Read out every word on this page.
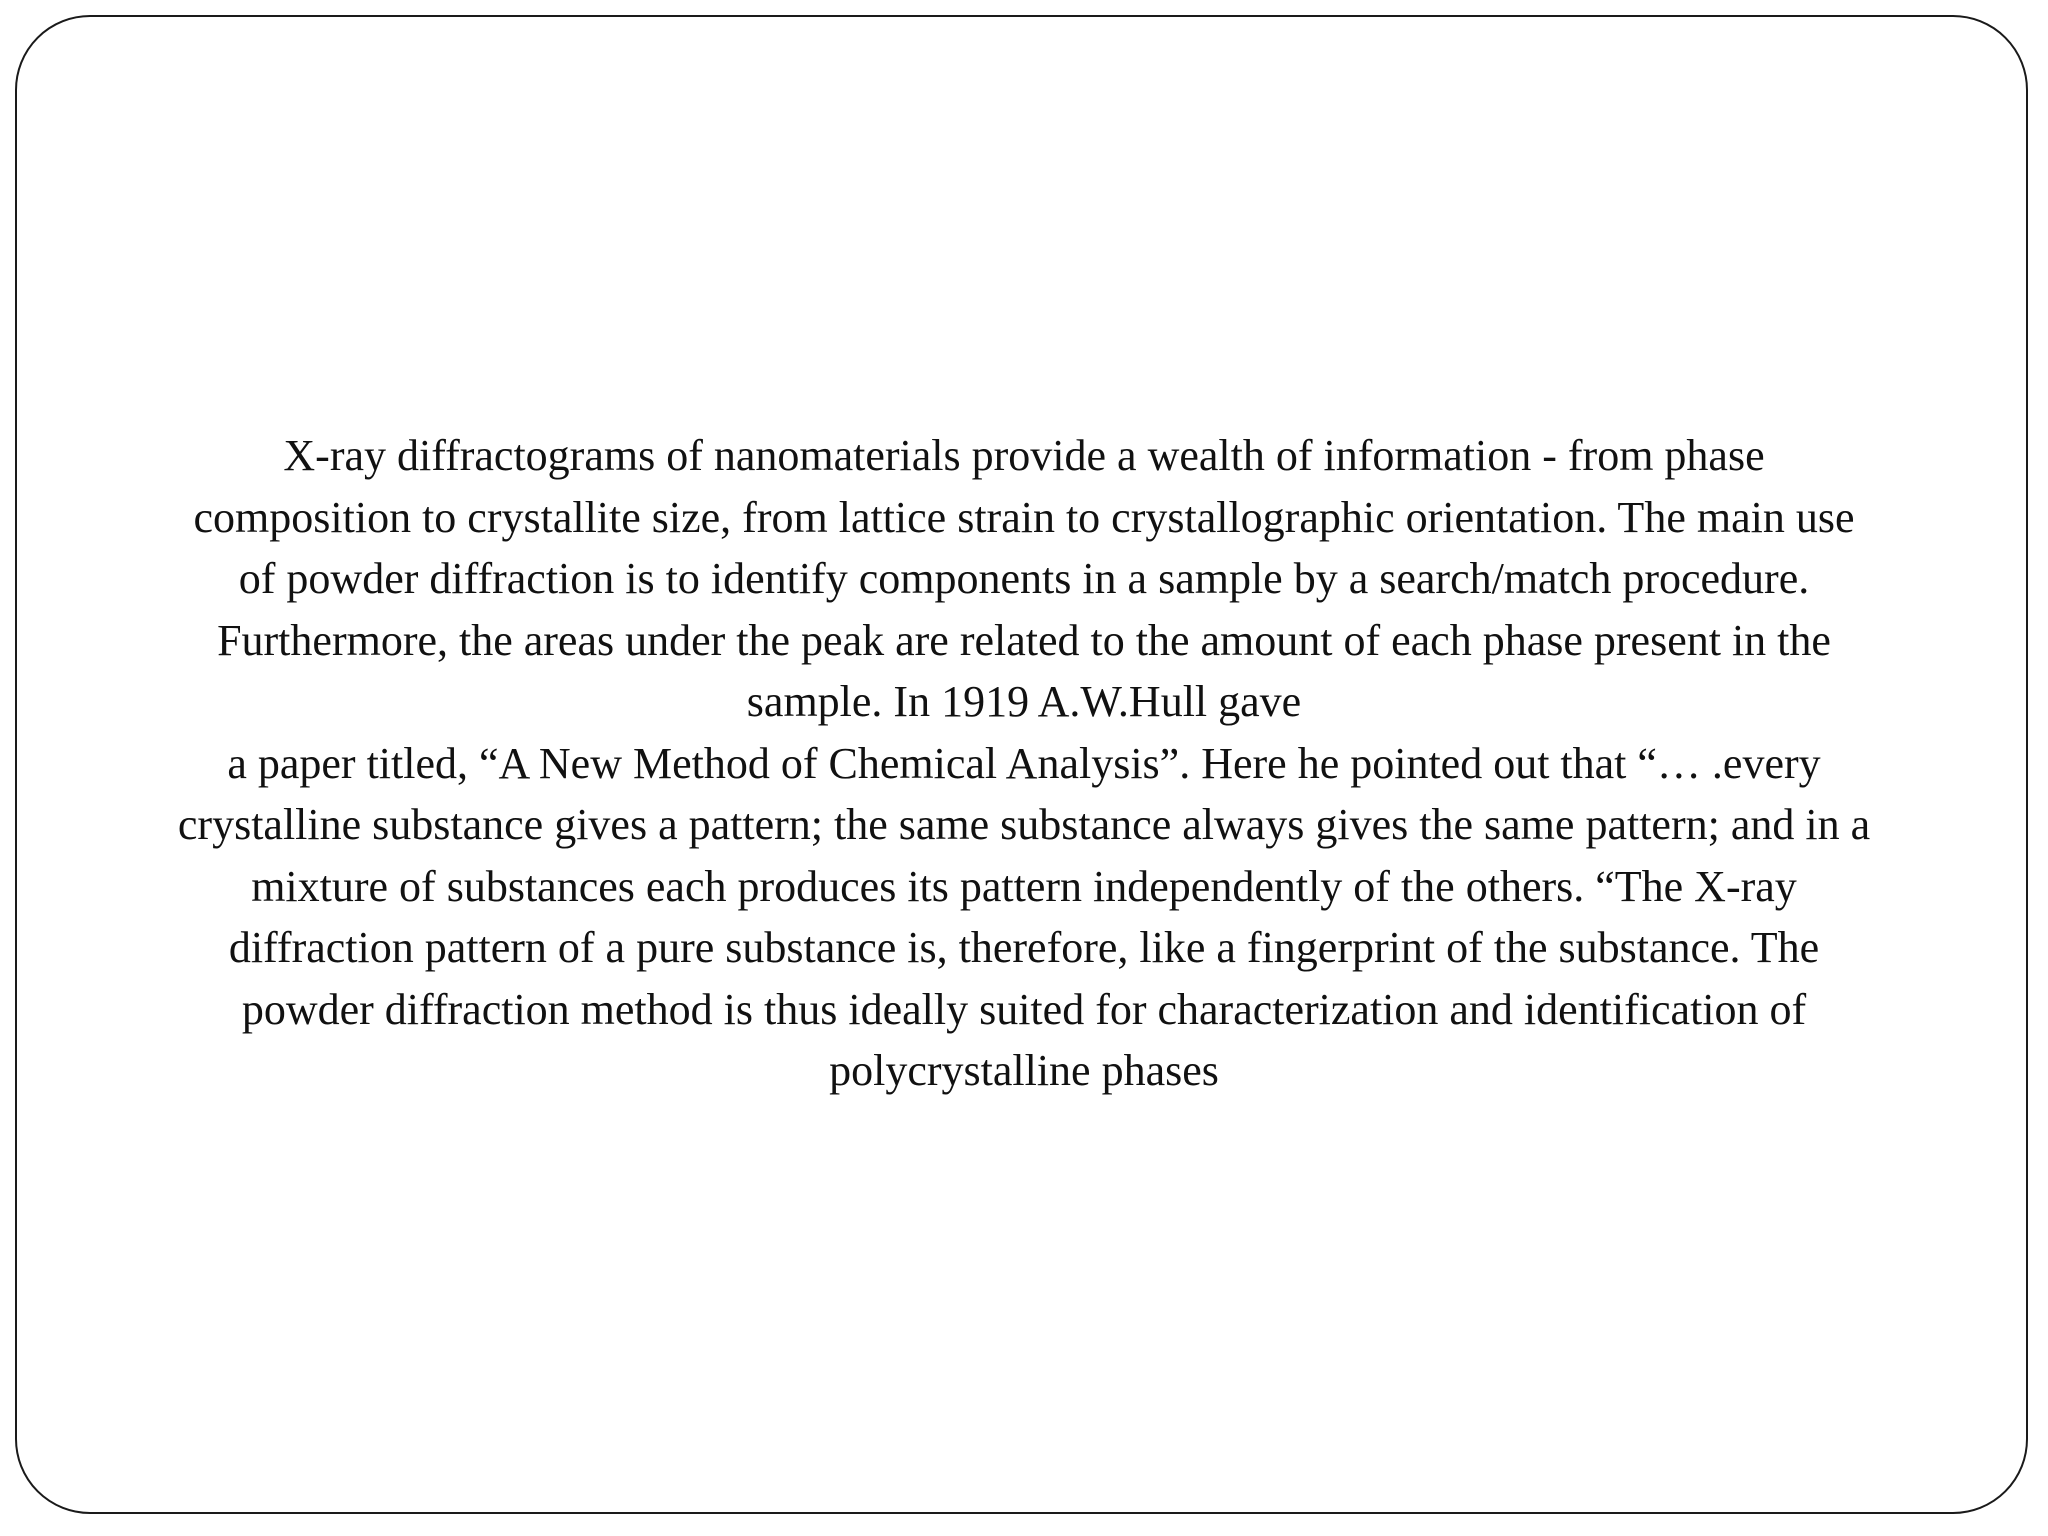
X-ray diffractograms of nanomaterials provide a wealth of information - from phase
composition to crystallite size, from lattice strain to crystallographic orientation. The main use
of powder diffraction is to identify components in a sample by a search/match procedure.
Furthermore, the areas under the peak are related to the amount of each phase present in the
sample. In 1919 A.W.Hull gave
a paper titled, “A New Method of Chemical Analysis”. Here he pointed out that “… .every
crystalline substance gives a pattern; the same substance always gives the same pattern; and in a
mixture of substances each produces its pattern independently of the others. “The X-ray
diffraction pattern of a pure substance is, therefore, like a fingerprint of the substance. The
powder diffraction method is thus ideally suited for characterization and identification of
polycrystalline phases
